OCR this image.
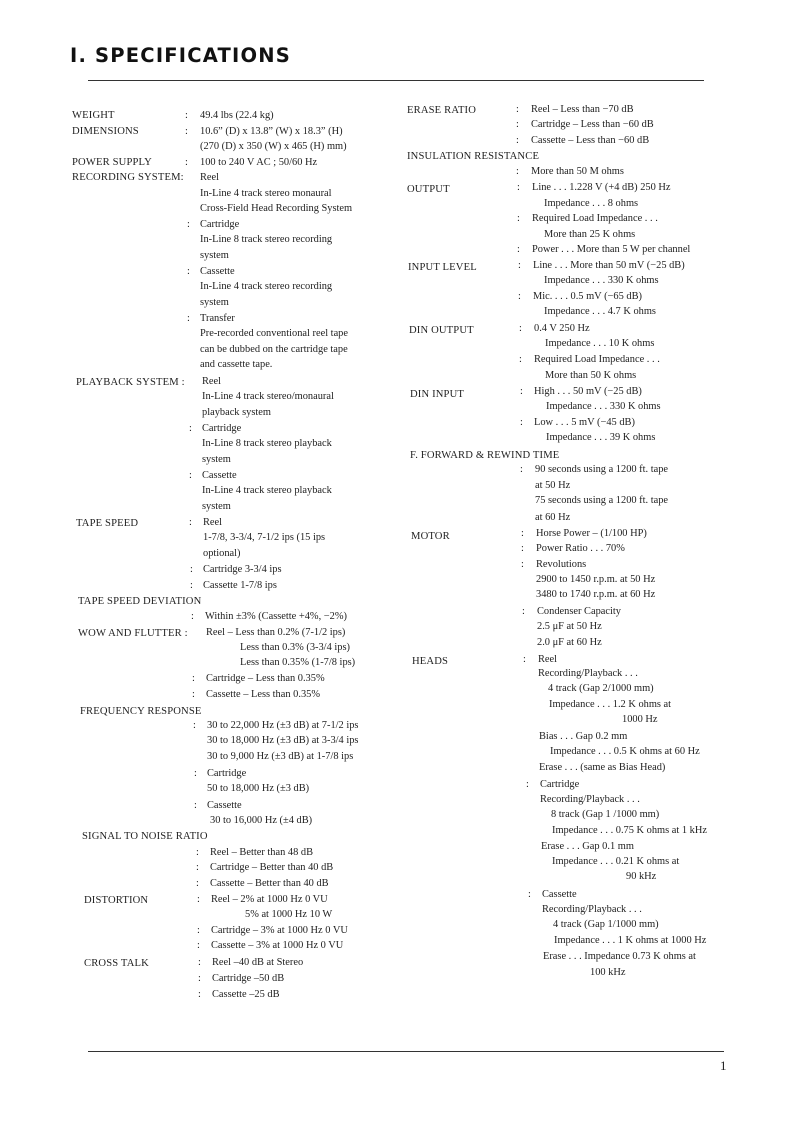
I. SPECIFICATIONS
1
WEIGHT	: 49.4 lbs (22.4 kg)
DIMENSIONS	: 10.6” (D) x 13.8” (W) x 18.3” (H)
(270 (D) x 350 (W) x 465 (H) mm)
POWER SUPPLY	: 100 to 240 V AC ; 50/60 Hz
RECORDING SYSTEM: Reel
In-Line 4 track stereo monaural
Cross-Field Head Recording System
: Cartridge
In-Line 8 track stereo recording
system
: Cassette
In-Line 4 track stereo recording
system
: Transfer
Pre-recorded conventional reel tape
can be dubbed on the cartridge tape
and cassette tape.
PLAYBACK SYSTEM : Reel
In-Line 4 track stereo/monaural
playback system
: Cartridge
In-Line 8 track stereo playback
system
: Cassette
In-Line 4 track stereo playback
system
TAPE SPEED	: Reel
1-7/8, 3-3/4, 7-1/2 ips (15 ips
optional)
: Cartridge 3-3/4 ips
: Cassette 1-7/8 ips
TAPE SPEED DEVIATION
: Within ±3% (Cassette +4%, −2%)
WOW AND FLUTTER : Reel – Less than 0.2% (7-1/2 ips)
Less than 0.3% (3-3/4 ips)
Less than 0.35% (1-7/8 ips)
: Cartridge – Less than 0.35%
: Cassette – Less than 0.35%
FREQUENCY RESPONSE
: 30 to 22,000 Hz (±3 dB) at 7-1/2 ips
30 to 18,000 Hz (±3 dB) at 3-3/4 ips
30 to 9,000 Hz (±3 dB) at 1-7/8 ips
: Cartridge
50 to 18,000 Hz (±3 dB)
: Cassette
30 to 16,000 Hz (±4 dB)
SIGNAL TO NOISE RATIO
: Reel – Better than 48 dB
: Cartridge – Better than 40 dB
: Cassette – Better than 40 dB
DISTORTION	: Reel – 2% at 1000 Hz 0 VU
5% at 1000 Hz 10 W
: Cartridge – 3% at 1000 Hz 0 VU
: Cassette – 3% at 1000 Hz 0 VU
CROSS TALK	: Reel –40 dB at Stereo
: Cartridge –50 dB
: Cassette –25 dB
ERASE RATIO	: Reel – Less than −70 dB
: Cartridge – Less than −60 dB
: Cassette – Less than −60 dB
INSULATION RESISTANCE
: More than 50 M ohms
OUTPUT	: Line . . . 1.228 V (+4 dB) 250 Hz
Impedance . . . 8 ohms
: Required Load Impedance . . .
More than 25 K ohms
: Power . . . More than 5 W per channel
INPUT LEVEL	: Line . . . More than 50 mV (−25 dB)
Impedance . . . 330 K ohms
: Mic. . . . 0.5 mV (−65 dB)
Impedance . . . 4.7 K ohms
DIN OUTPUT	: 0.4 V 250 Hz
Impedance . . . 10 K ohms
: Required Load Impedance . . .
More than 50 K ohms
DIN INPUT	: High . . . 50 mV (−25 dB)
Impedance . . . 330 K ohms
: Low . . . 5 mV (−45 dB)
Impedance . . . 39 K ohms
F. FORWARD & REWIND TIME
: 90 seconds using a 1200 ft. tape
at 50 Hz
75 seconds using a 1200 ft. tape
at 60 Hz
MOTOR	: Horse Power – (1/100 HP)
: Power Ratio . . . 70%
: Revolutions
2900 to 1450 r.p.m. at 50 Hz
3480 to 1740 r.p.m. at 60 Hz
: Condenser Capacity
2.5 μF at 50 Hz
2.0 μF at 60 Hz
HEADS	: Reel
Recording/Playback . . .
4 track (Gap 2/1000 mm)
Impedance . . . 1.2 K ohms at
1000 Hz
Bias . . . Gap 0.2 mm
Impedance . . . 0.5 K ohms at 60 Hz
Erase . . . (same as Bias Head)
: Cartridge
Recording/Playback . . .
8 track (Gap 1 /1000 mm)
Impedance . . . 0.75 K ohms at 1 kHz
Erase . . . Gap 0.1 mm
Impedance . . . 0.21 K ohms at
90 kHz
: Cassette
Recording/Playback . . .
4 track (Gap 1/1000 mm)
Impedance . . . 1 K ohms at 1000 Hz
Erase . . . Impedance 0.73 K ohms at
100 kHz
